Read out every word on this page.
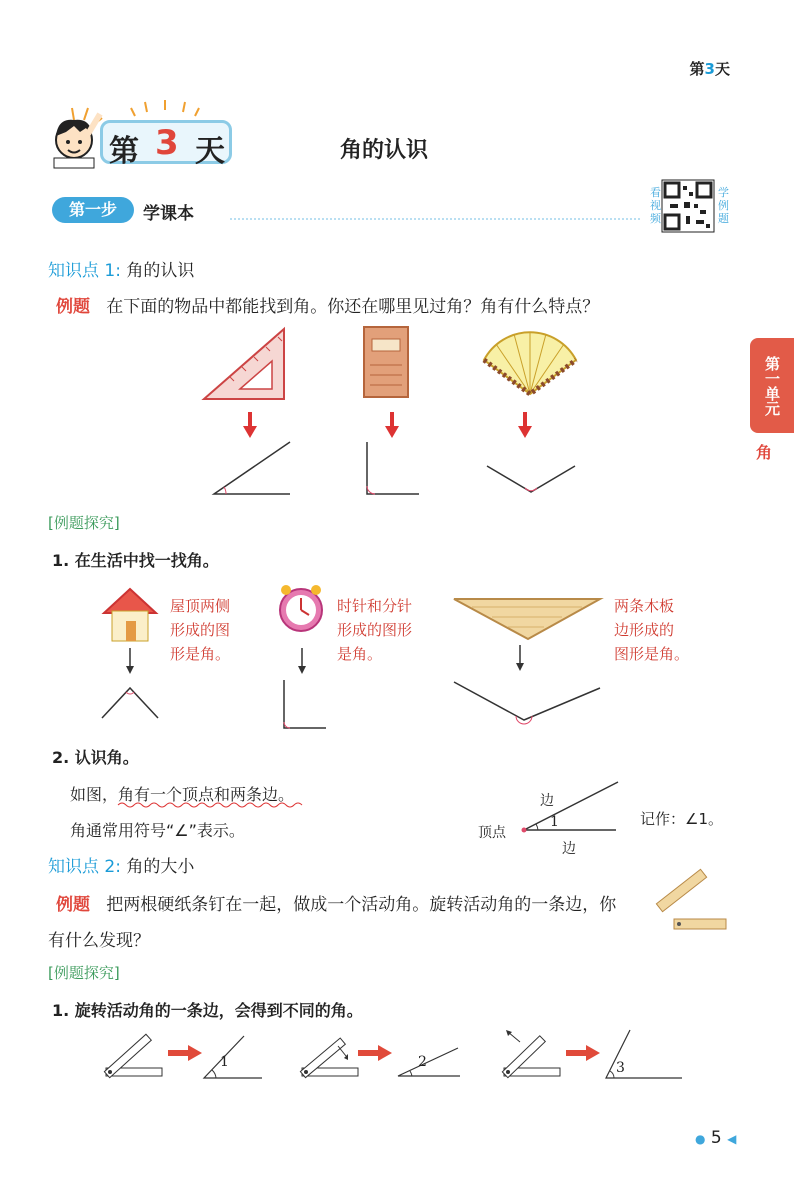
第3天
第 3 天	角的认识
第一步	学课本
看视频
学例题
第一单元
角
知识点 1: 角的认识
例题 在下面的物品中都能找到角。你还在哪里见过角？角有什么特点？
[例题探究]
1. 在生活中找一找角。
屋顶两侧
形成的图
形是角。
时针和分针
形成的图形
是角。
两条木板
边形成的
图形是角。
2. 认识角。
如图，角有一个顶点和两条边。
角通常用符号“∠”表示。
边
顶点
1
边
记作：∠1。
知识点 2: 角的大小
例题 把两根硬纸条钉在一起，做成一个活动角。旋转活动角的一条边，你
有什么发现？
[例题探究]
1. 旋转活动角的一条边，会得到不同的角。
1	2	3
● 5 ◀
